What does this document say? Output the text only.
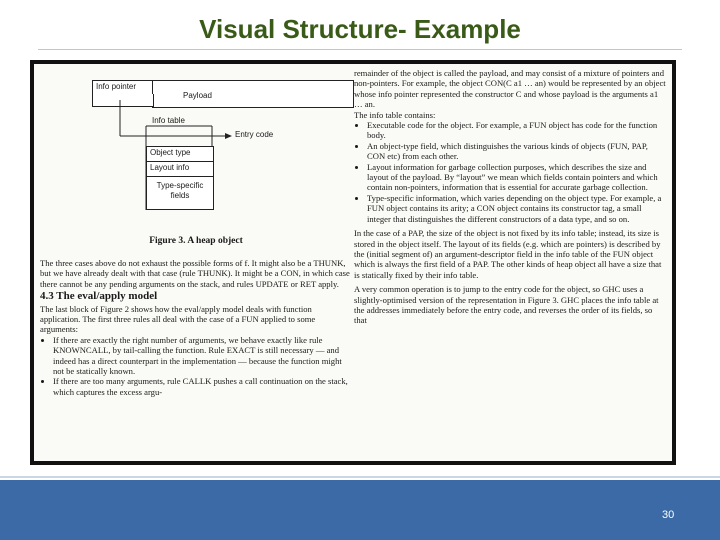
Visual Structure- Example
Info pointer
Payload
Info table
Entry code
Object type
Layout info
Type-specific fields
Figure 3. A heap object

The three cases above do not exhaust the possible forms of f. It might also be a THUNK, but we have already dealt with that case (rule THUNK). It might be a CON, in which case there cannot be any pending arguments on the stack, and rules UPDATE or RET apply.

4.3 The eval/apply model

The last block of Figure 2 shows how the eval/apply model deals with function application. The first three rules all deal with the case of a FUN applied to some arguments:

• If there are exactly the right number of arguments, we behave exactly like rule KNOWNCALL, by tail-calling the function. Rule EXACT is still necessary — and indeed has a direct counterpart in the implementation — because the function might not be statically known.
• If there are too many arguments, rule CALLK pushes a call continuation on the stack, which captures the excess argu-

remainder of the object is called the payload, and may consist of a mixture of pointers and non-pointers. For example, the object CON(C a1 … an) would be represented by an object whose info pointer represented the constructor C and whose payload is the arguments a1 … an.

The info table contains:

• Executable code for the object. For example, a FUN object has code for the function body.
• An object-type field, which distinguishes the various kinds of objects (FUN, PAP, CON etc) from each other.
• Layout information for garbage collection purposes, which describes the size and layout of the payload. By “layout” we mean which fields contain pointers and which contain non-pointers, information that is essential for accurate garbage collection.
• Type-specific information, which varies depending on the object type. For example, a FUN object contains its arity; a CON object contains its constructor tag, a small integer that distinguishes the different constructors of a data type, and so on.

In the case of a PAP, the size of the object is not fixed by its info table; instead, its size is stored in the object itself. The layout of its fields (e.g. which are pointers) is described by the (initial segment of) an argument-descriptor field in the info table of the FUN object which is always the first field of a PAP. The other kinds of heap object all have a size that is statically fixed by their info table.

A very common operation is to jump to the entry code for the object, so GHC uses a slightly-optimised version of the representation in Figure 3. GHC places the info table at the addresses immediately before the entry code, and reverses the order of its fields, so that

30
